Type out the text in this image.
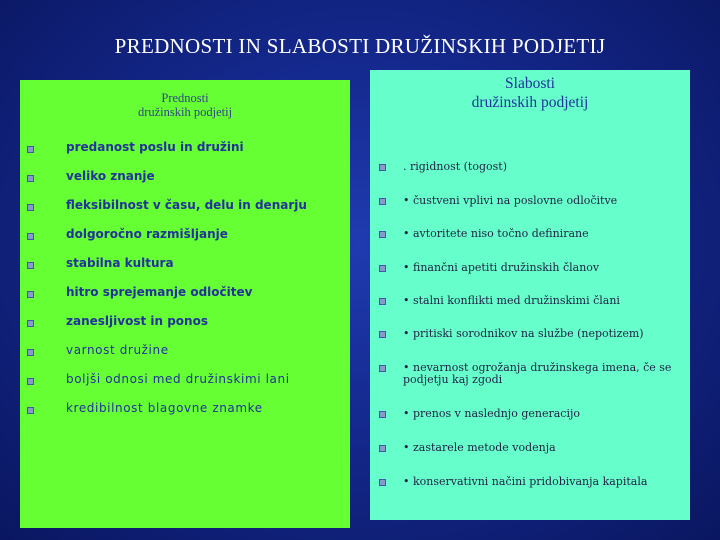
PREDNOSTI IN SLABOSTI DRUŽINSKIH PODJETIJ
Prednosti
družinskih podjetij
Slabosti
družinskih podjetij
predanost poslu in družini
veliko znanje
fleksibilnost v času, delu in denarju
dolgoročno razmišljanje
stabilna kultura
hitro sprejemanje odločitev
zanesljivost in ponos
varnost družine
boljši odnosi med družinskimi lani
kredibilnost blagovne znamke
. rigidnost (togost)
• čustveni vplivi na poslovne odločitve
• avtoritete niso točno definirane
• finančni apetiti družinskih članov
• stalni konflikti med družinskimi člani
• pritiski sorodnikov na službe (nepotizem)
• nevarnost ogrožanja družinskega imena, če se podjetju kaj zgodi
• prenos v naslednjo generacijo
• zastarele metode vodenja
• konservativni načini pridobivanja kapitala
